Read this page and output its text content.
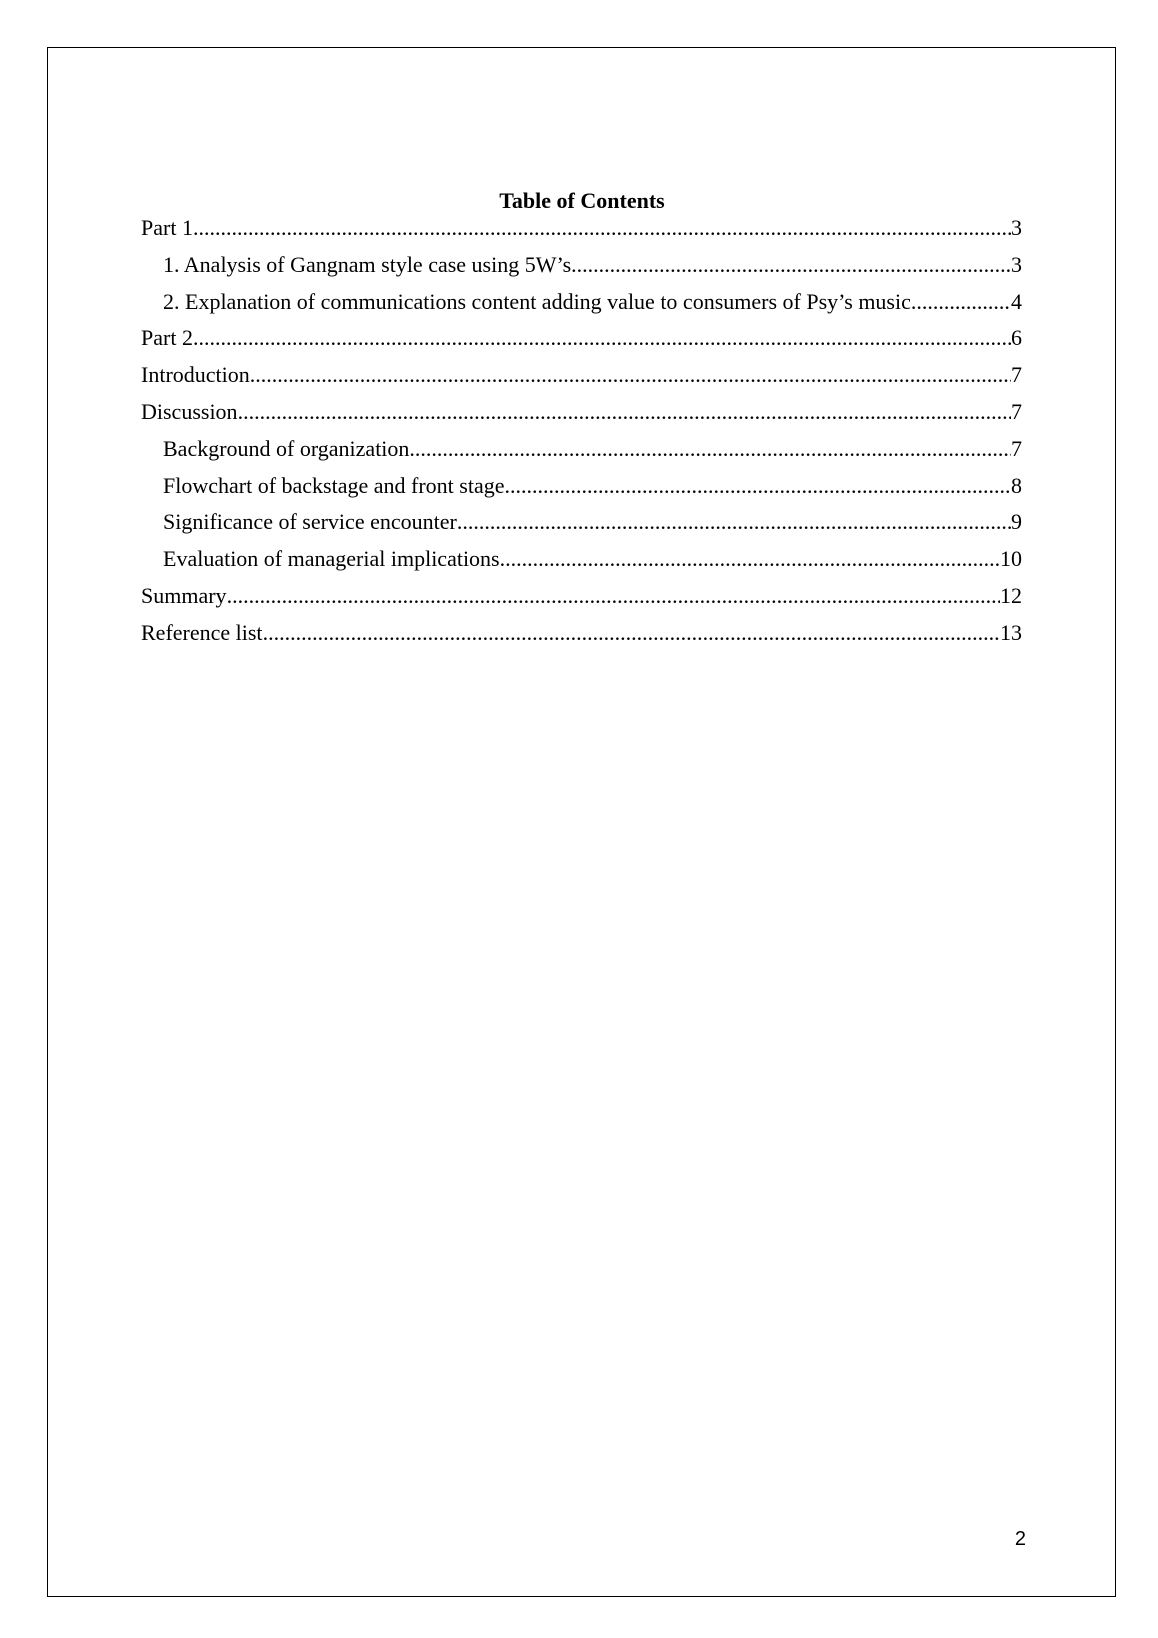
Table of Contents
Part 1 .....	3
1. Analysis of Gangnam style case using 5W’s .....	3
2. Explanation of communications content adding value to consumers of Psy’s music .....	4
Part 2 .....	6
Introduction .....	7
Discussion .....	7
Background of organization .....	7
Flowchart of backstage and front stage .....	8
Significance of service encounter .....	9
Evaluation of managerial implications .....	10
Summary .....	12
Reference list .....	13
2
